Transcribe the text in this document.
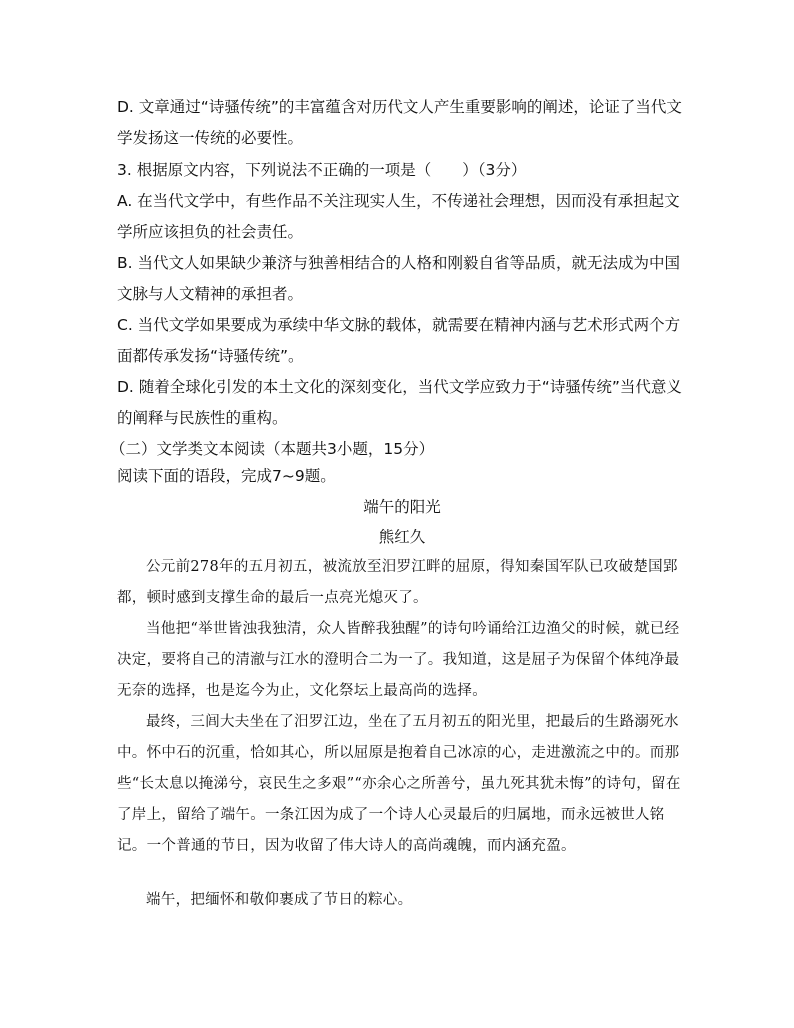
D. 文章通过“诗骚传统”的丰富蕴含对历代文人产生重要影响的阐述，论证了当代文学发扬这一传统的必要性。

3. 根据原文内容，下列说法不正确的一项是（　　）（3分）

A. 在当代文学中，有些作品不关注现实人生，不传递社会理想，因而没有承担起文学所应该担负的社会责任。

B. 当代文人如果缺少兼济与独善相结合的人格和刚毅自省等品质，就无法成为中国文脉与人文精神的承担者。

C. 当代文学如果要成为承续中华文脉的载体，就需要在精神内涵与艺术形式两个方面都传承发扬“诗骚传统”。

D. 随着全球化引发的本土文化的深刻变化，当代文学应致力于“诗骚传统”当代意义的阐释与民族性的重构。

（二）文学类文本阅读（本题共3小题，15分）

阅读下面的语段，完成7~9题。

端午的阳光

熊红久

公元前278年的五月初五，被流放至汨罗江畔的屈原，得知秦国军队已攻破楚国郢都，顿时感到支撑生命的最后一点亮光熄灭了。

当他把“举世皆浊我独清，众人皆醉我独醒”的诗句吟诵给江边渔父的时候，就已经决定，要将自己的清澈与江水的澄明合二为一了。我知道，这是屈子为保留个体纯净最无奈的选择，也是迄今为止，文化祭坛上最高尚的选择。

最终，三闾大夫坐在了汨罗江边，坐在了五月初五的阳光里，把最后的生路溺死水中。怀中石的沉重，恰如其心，所以屈原是抱着自己冰凉的心，走进激流之中的。而那些“长太息以掩涕兮，哀民生之多艰”“亦余心之所善兮，虽九死其犹未悔”的诗句，留在了岸上，留给了端午。一条江因为成了一个诗人心灵最后的归属地，而永远被世人铭记。一个普通的节日，因为收留了伟大诗人的高尚魂魄，而内涵充盈。

端午，把缅怀和敬仰裹成了节日的粽心。
